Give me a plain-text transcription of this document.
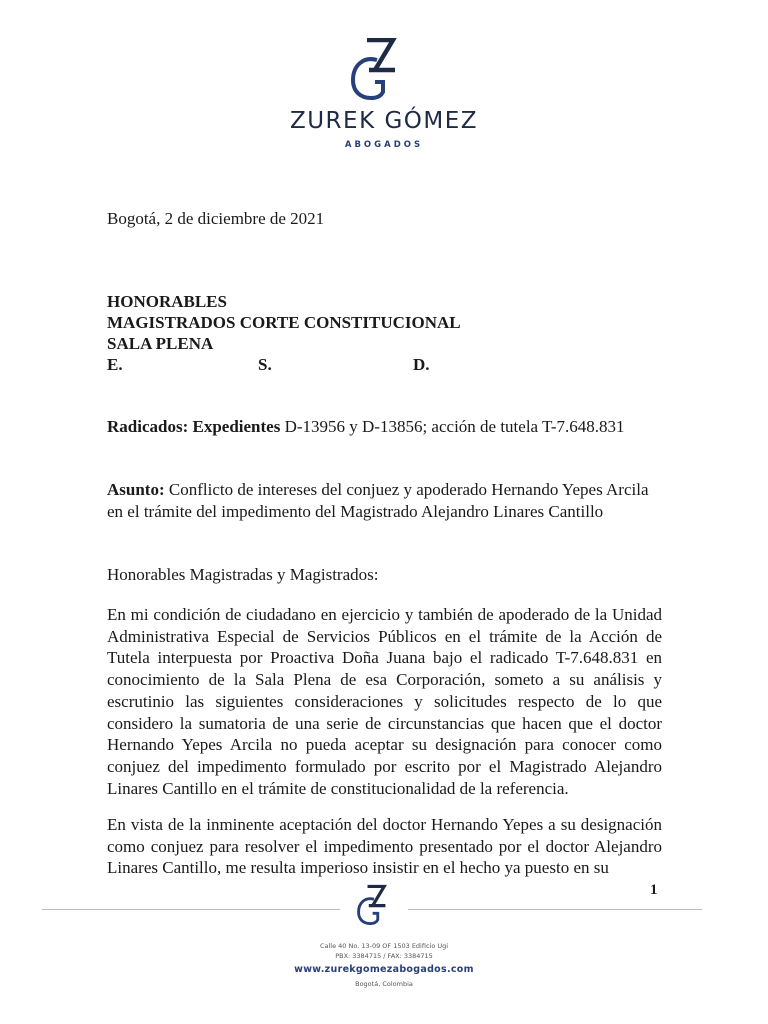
ZUREK GÓMEZ
ABOGADOS
Bogotá, 2 de diciembre de 2021
HONORABLES
MAGISTRADOS CORTE CONSTITUCIONAL
SALA PLENA
E.	S.	D.
Radicados: Expedientes D-13956 y D-13856; acción de tutela T-7.648.831
Asunto: Conflicto de intereses del conjuez y apoderado Hernando Yepes Arcila en el trámite del impedimento del Magistrado Alejandro Linares Cantillo
Honorables Magistradas y Magistrados:
En mi condición de ciudadano en ejercicio y también de apoderado de la Unidad Administrativa Especial de Servicios Públicos en el trámite de la Acción de Tutela interpuesta por Proactiva Doña Juana bajo el radicado T-7.648.831 en conocimiento de la Sala Plena de esa Corporación, someto a su análisis y escrutinio las siguientes consideraciones y solicitudes respecto de lo que considero la sumatoria de una serie de circunstancias que hacen que el doctor Hernando Yepes Arcila no pueda aceptar su designación para conocer como conjuez del impedimento formulado por escrito por el Magistrado Alejandro Linares Cantillo en el trámite de constitucionalidad de la referencia.
En vista de la inminente aceptación del doctor Hernando Yepes a su designación como conjuez para resolver el impedimento presentado por el doctor Alejandro Linares Cantillo, me resulta imperioso insistir en el hecho ya puesto en su
1
Calle 40 No. 13-09 OF 1503 Edificio Ugi
PBX: 3384715 / FAX: 3384715
www.zurekgomezabogados.com
Bogotá, Colombia
